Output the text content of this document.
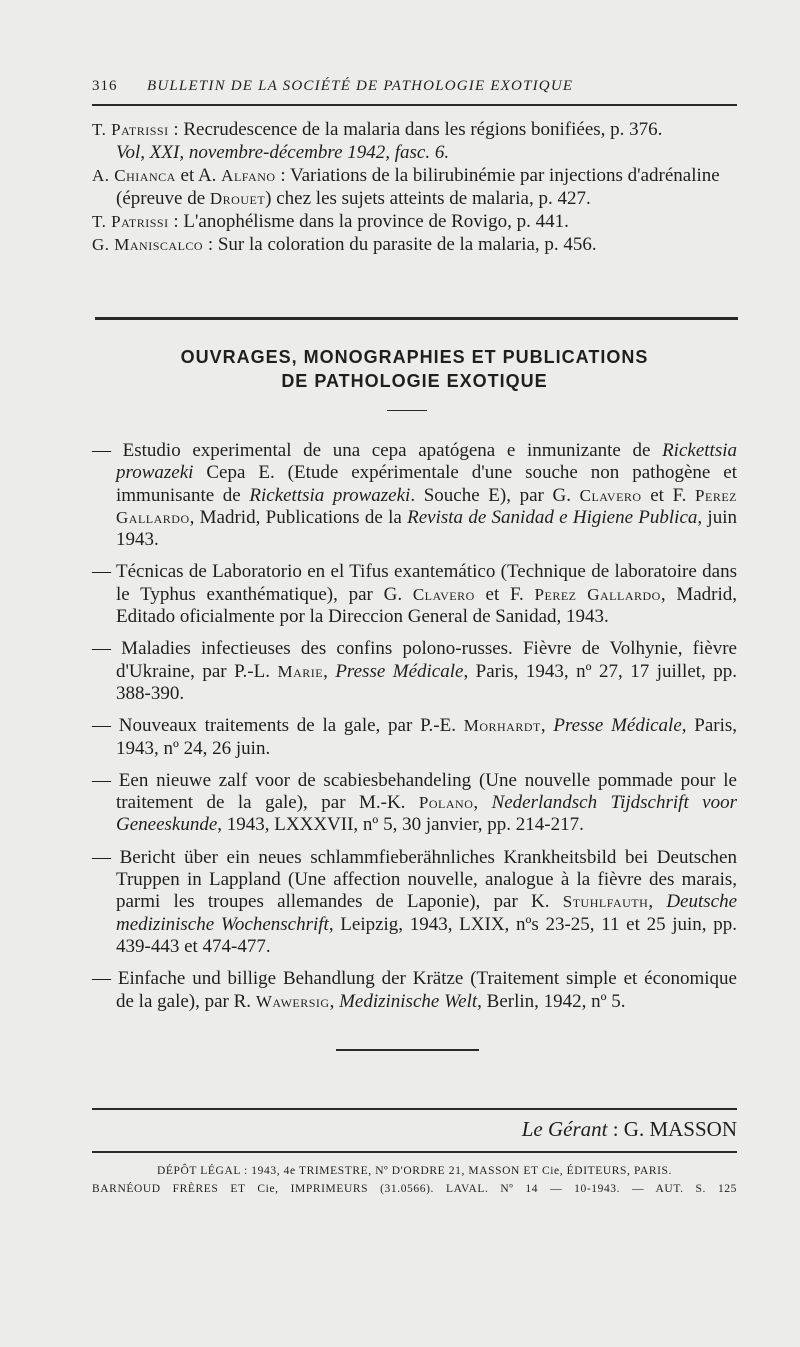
316	BULLETIN DE LA SOCIÉTÉ DE PATHOLOGIE EXOTIQUE

T. Patrissi : Recrudescence de la malaria dans les régions bonifiées, p. 376.

Vol, XXI, novembre-décembre 1942, fasc. 6.

A. Chianca et A. Alfano : Variations de la bilirubinémie par injections d'adrénaline (épreuve de Drouet) chez les sujets atteints de malaria, p. 427.

T. Patrissi : L'anophélisme dans la province de Rovigo, p. 441.

G. Maniscalco : Sur la coloration du parasite de la malaria, p. 456.

OUVRAGES, MONOGRAPHIES ET PUBLICATIONS
DE PATHOLOGIE EXOTIQUE

— Estudio experimental de una cepa apatógena e inmunizante de Rickettsia prowazeki Cepa E. (Etude expérimentale d'une souche non pathogène et immunisante de Rickettsia prowazeki. Souche E), par G. Clavero et F. Perez Gallardo, Madrid, Publications de la Revista de Sanidad e Higiene Publica, juin 1943.

— Técnicas de Laboratorio en el Tifus exantemático (Technique de laboratoire dans le Typhus exanthématique), par G. Clavero et F. Perez Gallardo, Madrid, Editado oficialmente por la Direccion General de Sanidad, 1943.

— Maladies infectieuses des confins polono-russes. Fièvre de Volhynie, fièvre d'Ukraine, par P.-L. Marie, Presse Médicale, Paris, 1943, nº 27, 17 juillet, pp. 388-390.

— Nouveaux traitements de la gale, par P.-E. Morhardt, Presse Médicale, Paris, 1943, nº 24, 26 juin.

— Een nieuwe zalf voor de scabiesbehandeling (Une nouvelle pommade pour le traitement de la gale), par M.-K. Polano, Nederlandsch Tijdschrift voor Geneeskunde, 1943, LXXXVII, nº 5, 30 janvier, pp. 214-217.

— Bericht über ein neues schlammfieberähnliches Krankheitsbild bei Deutschen Truppen in Lappland (Une affection nouvelle, analogue à la fièvre des marais, parmi les troupes allemandes de Laponie), par K. Stuhlfauth, Deutsche medizinische Wochenschrift, Leipzig, 1943, LXIX, nºs 23-25, 11 et 25 juin, pp. 439-443 et 474-477.

— Einfache und billige Behandlung der Krätze (Traitement simple et économique de la gale), par R. Wawersig, Medizinische Welt, Berlin, 1942, nº 5.

Le Gérant : G. MASSON
DÉPÔT LÉGAL : 1943, 4e TRIMESTRE, Nº D'ORDRE 21, MASSON ET Cie, ÉDITEURS, PARIS.
BARNÉOUD FRÈRES ET Cie, IMPRIMEURS (31.0566). LAVAL. Nº 14 — 10-1943. — AUT. S. 125
